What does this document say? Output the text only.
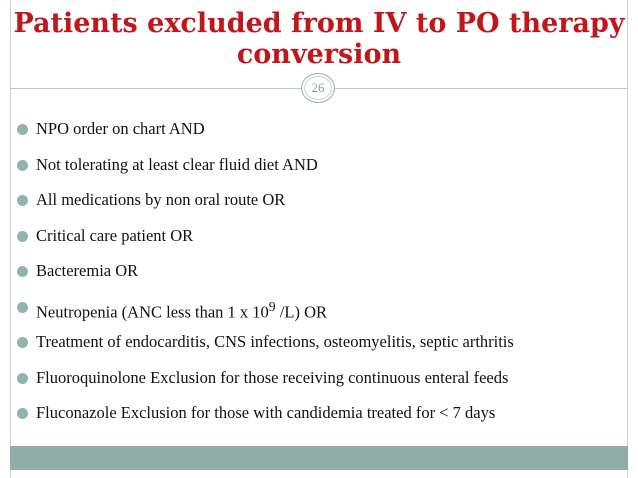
Patients excluded from IV to PO therapy
conversion
26
NPO order on chart AND
Not tolerating at least clear fluid diet AND
All medications by non oral route OR
Critical care patient OR
Bacteremia OR
Neutropenia (ANC less than 1 x $10^9$ /L) OR
Treatment of endocarditis, CNS infections, osteomyelitis, septic arthritis
Fluoroquinolone Exclusion for those receiving continuous enteral feeds
Fluconazole Exclusion for those with candidemia treated for < 7 days
